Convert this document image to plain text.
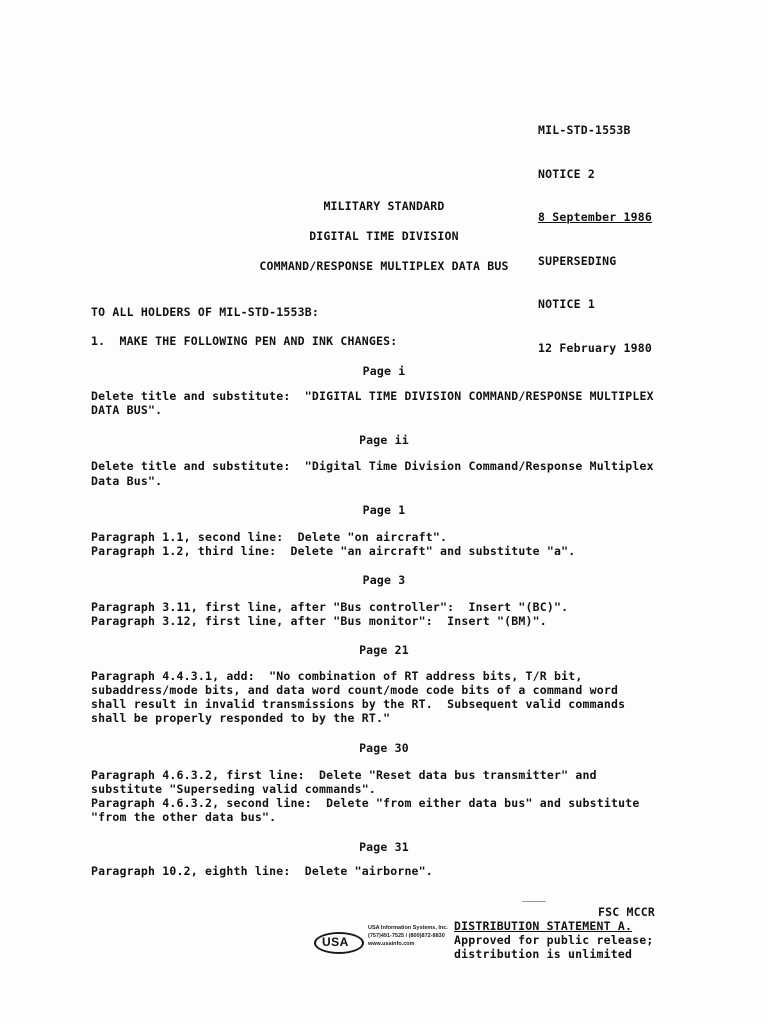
MIL-STD-1553B

NOTICE 2

8 September 1986

SUPERSEDING

NOTICE 1

12 February 1980

MILITARY STANDARD
DIGITAL TIME DIVISION
COMMAND/RESPONSE MULTIPLEX DATA BUS
TO ALL HOLDERS OF MIL-STD-1553B:
1.  MAKE THE FOLLOWING PEN AND INK CHANGES:
Page i
Delete title and substitute:  "DIGITAL TIME DIVISION COMMAND/RESPONSE MULTIPLEX
DATA BUS".
Page ii
Delete title and substitute:  "Digital Time Division Command/Response Multiplex
Data Bus".
Page 1
Paragraph 1.1, second line:  Delete "on aircraft".
Paragraph 1.2, third line:  Delete "an aircraft" and substitute "a".
Page 3
Paragraph 3.11, first line, after "Bus controller":  Insert "(BC)".
Paragraph 3.12, first line, after "Bus monitor":  Insert "(BM)".
Page 21
Paragraph 4.4.3.1, add:  "No combination of RT address bits, T/R bit,
subaddress/mode bits, and data word count/mode code bits of a command word
shall result in invalid transmissions by the RT.  Subsequent valid commands
shall be properly responded to by the RT."
Page 30
Paragraph 4.6.3.2, first line:  Delete "Reset data bus transmitter" and
substitute "Superseding valid commands".
Paragraph 4.6.3.2, second line:  Delete "from either data bus" and substitute
"from the other data bus".
Page 31
Paragraph 10.2, eighth line:  Delete "airborne".
FSC MCCR
DISTRIBUTION STATEMENT A.
Approved for public release;
distribution is unlimited
USA
USA Information Systems, Inc.
(757)491-7525 / (800)872-8830
www.usainfo.com
